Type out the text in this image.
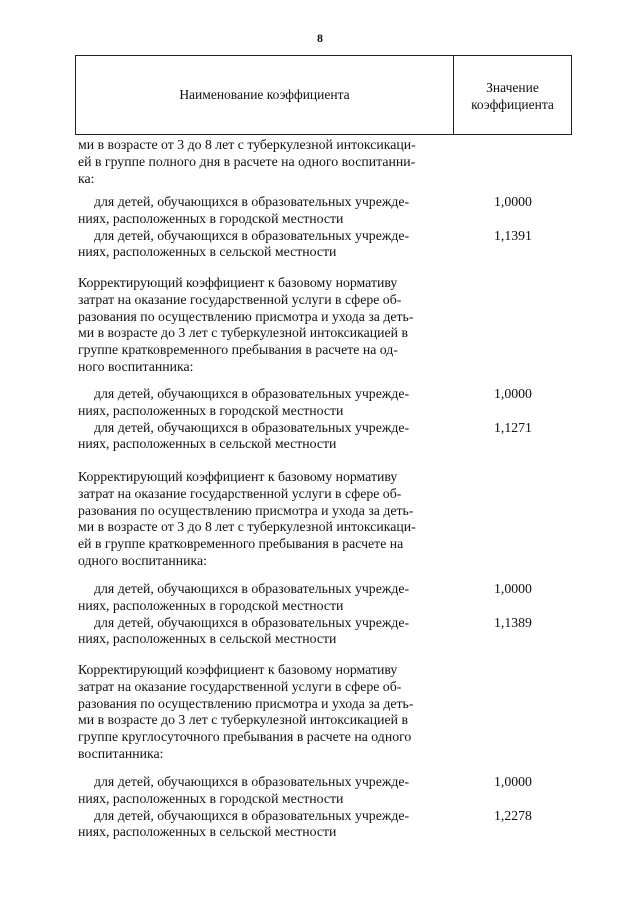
8
Наименование коэффициента	Значение
коэффициента
ми в возрасте от 3 до 8 лет с туберкулезной интоксикаци-
ей в группе полного дня в расчете на одного воспитанни-
ка:
для детей, обучающихся в образовательных учрежде-
ниях, расположенных в городской местности
1,0000
для детей, обучающихся в образовательных учрежде-
ниях, расположенных в сельской местности
1,1391
Корректирующий коэффициент к базовому нормативу
затрат на оказание государственной услуги в сфере об-
разования по осуществлению присмотра и ухода за деть-
ми в возрасте до 3 лет с туберкулезной интоксикацией в
группе кратковременного пребывания в расчете на од-
ного воспитанника:
для детей, обучающихся в образовательных учрежде-
ниях, расположенных в городской местности
1,0000
для детей, обучающихся в образовательных учрежде-
ниях, расположенных в сельской местности
1,1271
Корректирующий коэффициент к базовому нормативу
затрат на оказание государственной услуги в сфере об-
разования по осуществлению присмотра и ухода за деть-
ми в возрасте от 3 до 8 лет с туберкулезной интоксикаци-
ей в группе кратковременного пребывания в расчете на
одного воспитанника:
для детей, обучающихся в образовательных учрежде-
ниях, расположенных в городской местности
1,0000
для детей, обучающихся в образовательных учрежде-
ниях, расположенных в сельской местности
1,1389
Корректирующий коэффициент к базовому нормативу
затрат на оказание государственной услуги в сфере об-
разования по осуществлению присмотра и ухода за деть-
ми в возрасте до 3 лет с туберкулезной интоксикацией в
группе круглосуточного пребывания в расчете на одного
воспитанника:
для детей, обучающихся в образовательных учрежде-
ниях, расположенных в городской местности
1,0000
для детей, обучающихся в образовательных учрежде-
ниях, расположенных в сельской местности
1,2278
